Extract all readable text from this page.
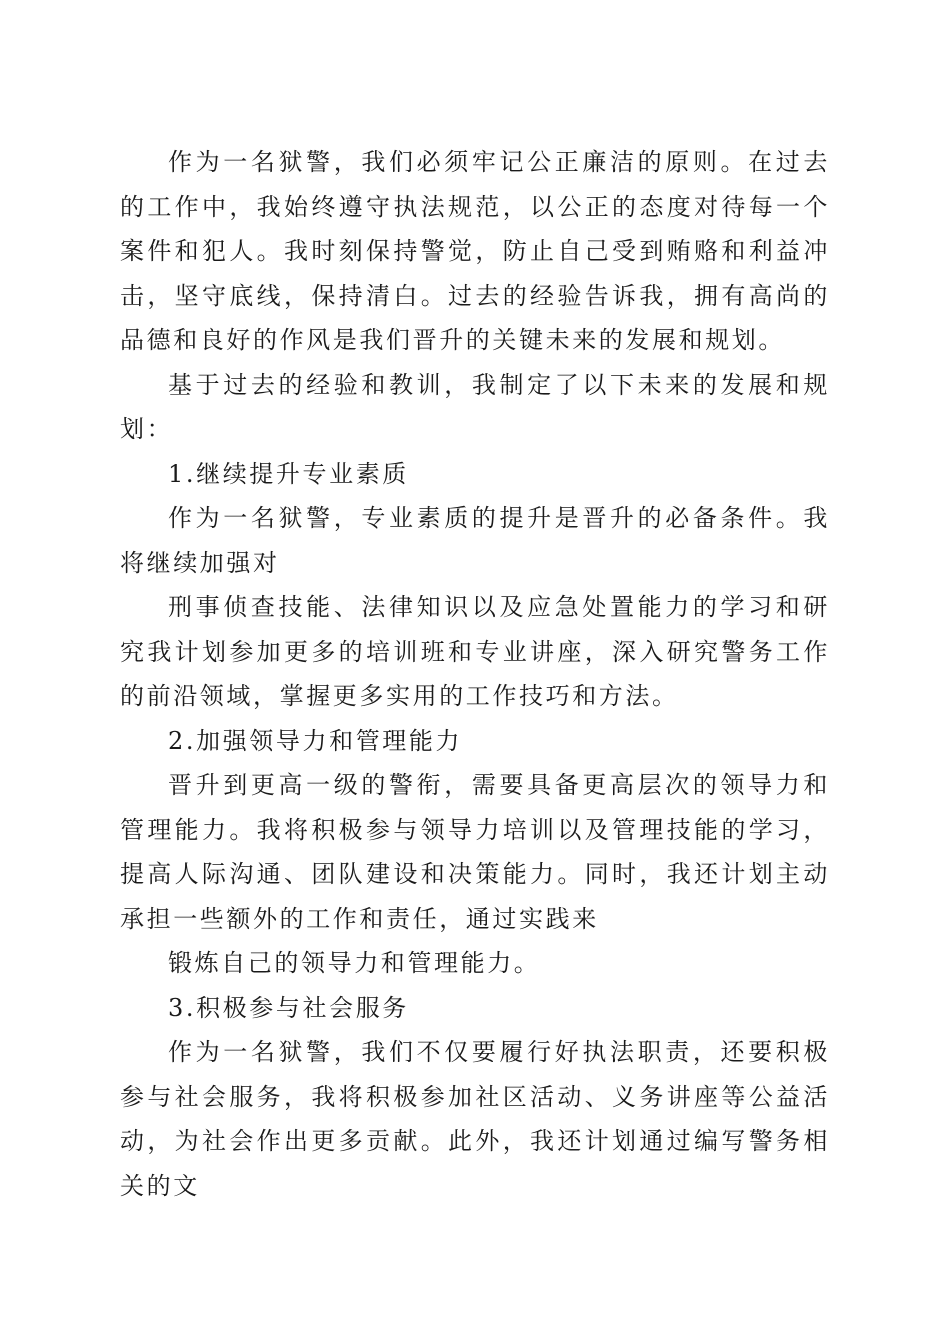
作为一名狱警，我们必须牢记公正廉洁的原则。在过去的工作中，我始终遵守执法规范，以公正的态度对待每一个案件和犯人。我时刻保持警觉，防止自己受到贿赂和利益冲击，坚守底线，保持清白。过去的经验告诉我，拥有高尚的品德和良好的作风是我们晋升的关键未来的发展和规划。

基于过去的经验和教训，我制定了以下未来的发展和规划：

1.继续提升专业素质

作为一名狱警，专业素质的提升是晋升的必备条件。我将继续加强对

刑事侦查技能、法律知识以及应急处置能力的学习和研究我计划参加更多的培训班和专业讲座，深入研究警务工作的前沿领域，掌握更多实用的工作技巧和方法。

2.加强领导力和管理能力

晋升到更高一级的警衔，需要具备更高层次的领导力和管理能力。我将积极参与领导力培训以及管理技能的学习，提高人际沟通、团队建设和决策能力。同时，我还计划主动承担一些额外的工作和责任，通过实践来

锻炼自己的领导力和管理能力。

3.积极参与社会服务

作为一名狱警，我们不仅要履行好执法职责，还要积极参与社会服务，我将积极参加社区活动、义务讲座等公益活动，为社会作出更多贡献。此外，我还计划通过编写警务相关的文
